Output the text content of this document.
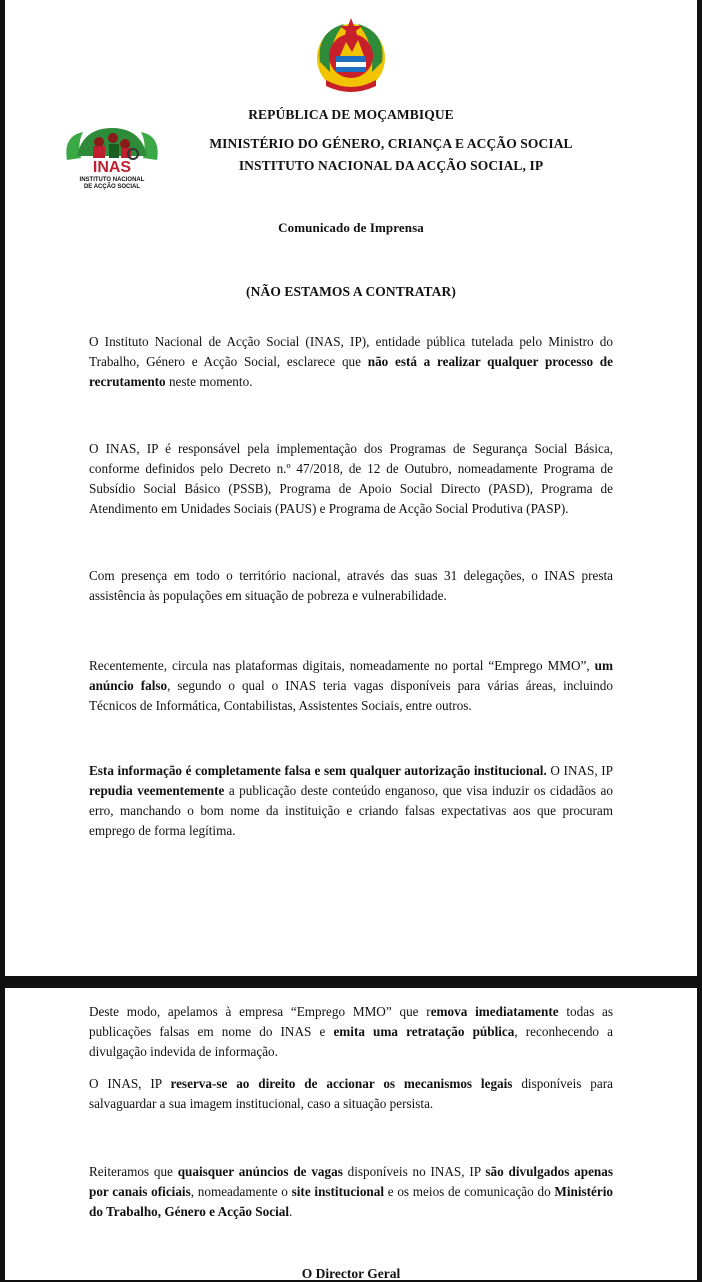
INAS
INSTITUTO NACIONAL
DE ACÇÃO SOCIAL
REPÚBLICA DE MOÇAMBIQUE
MINISTÉRIO DO GÉNERO, CRIANÇA E ACÇÃO SOCIAL
INSTITUTO NACIONAL DA ACÇÃO SOCIAL, IP
Comunicado de Imprensa
(NÃO ESTAMOS A CONTRATAR)
O Instituto Nacional de Acção Social (INAS, IP), entidade pública tutelada pelo Ministro do Trabalho, Género e Acção Social, esclarece que não está a realizar qualquer processo de recrutamento neste momento.
O INAS, IP é responsável pela implementação dos Programas de Segurança Social Básica, conforme definidos pelo Decreto n.º 47/2018, de 12 de Outubro, nomeadamente Programa de Subsídio Social Básico (PSSB), Programa de Apoio Social Directo (PASD), Programa de Atendimento em Unidades Sociais (PAUS) e Programa de Acção Social Produtiva (PASP).
Com presença em todo o território nacional, através das suas 31 delegações, o INAS presta assistência às populações em situação de pobreza e vulnerabilidade.
Recentemente, circula nas plataformas digitais, nomeadamente no portal “Emprego MMO”, um anúncio falso, segundo o qual o INAS teria vagas disponíveis para várias áreas, incluindo Técnicos de Informática, Contabilistas, Assistentes Sociais, entre outros.
Esta informação é completamente falsa e sem qualquer autorização institucional. O INAS, IP repudia veementemente a publicação deste conteúdo enganoso, que visa induzir os cidadãos ao erro, manchando o bom nome da instituição e criando falsas expectativas aos que procuram emprego de forma legítima.
Deste modo, apelamos à empresa “Emprego MMO” que remova imediatamente todas as publicações falsas em nome do INAS e emita uma retratação pública, reconhecendo a divulgação indevida de informação.
O INAS, IP reserva-se ao direito de accionar os mecanismos legais disponíveis para salvaguardar a sua imagem institucional, caso a situação persista.
Reiteramos que quaisquer anúncios de vagas disponíveis no INAS, IP são divulgados apenas por canais oficiais, nomeadamente o site institucional e os meios de comunicação do Ministério do Trabalho, Género e Acção Social.
O Director Geral
